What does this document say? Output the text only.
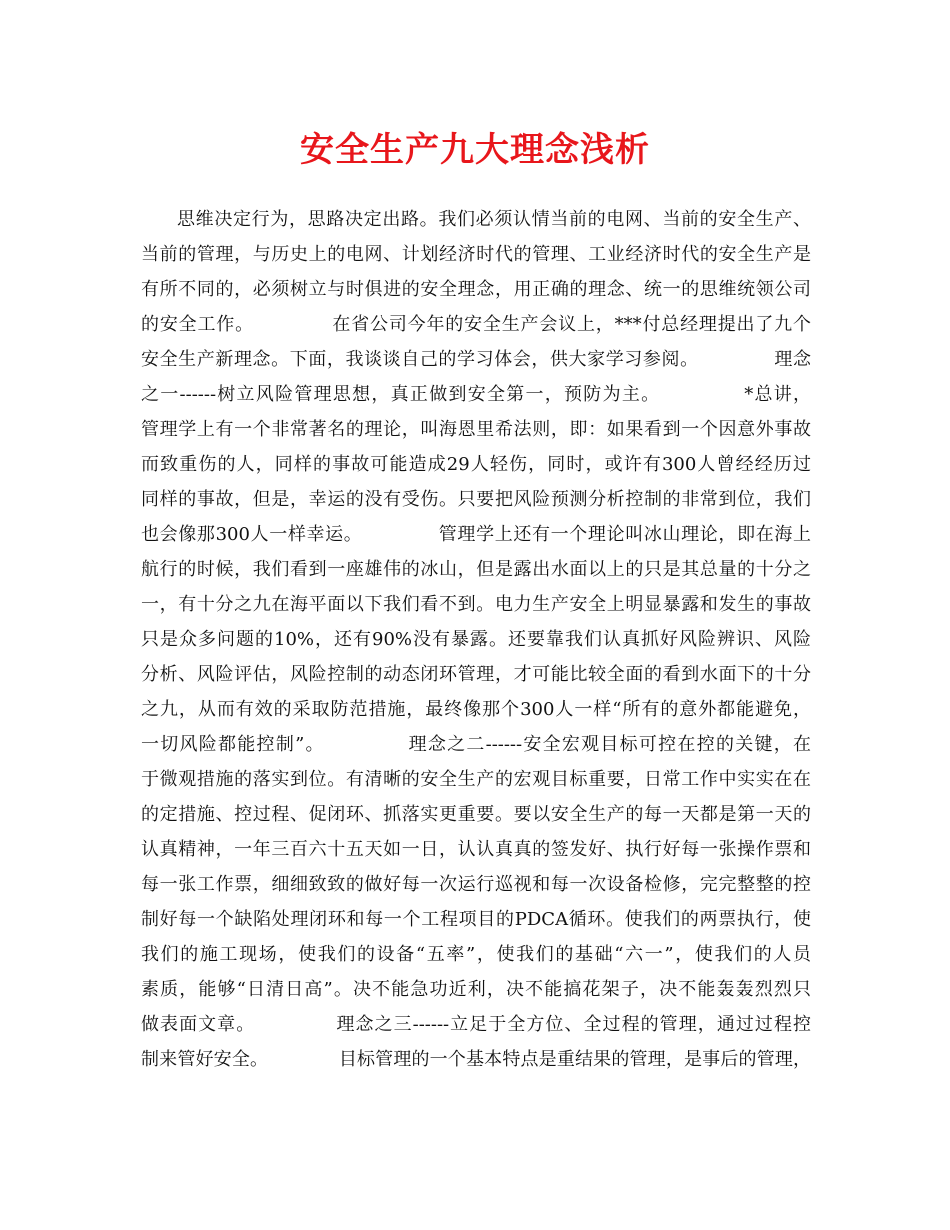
安全生产九大理念浅析
思维决定行为，思路决定出路。我们必须认情当前的电网、当前的安全生产、
当前的管理，与历史上的电网、计划经济时代的管理、工业经济时代的安全生产是
有所不同的，必须树立与时俱进的安全理念，用正确的理念、统一的思维统领公司
的安全工作。            在省公司今年的安全生产会议上，***付总经理提出了九个
安全生产新理念。下面，我谈谈自己的学习体会，供大家学习参阅。            理念
之一------树立风险管理思想，真正做到安全第一，预防为主。            *总讲，
管理学上有一个非常著名的理论，叫海恩里希法则，即：如果看到一个因意外事故
而致重伤的人，同样的事故可能造成29人轻伤，同时，或许有300人曾经经历过
同样的事故，但是，幸运的没有受伤。只要把风险预测分析控制的非常到位，我们
也会像那300人一样幸运。            管理学上还有一个理论叫冰山理论，即在海上
航行的时候，我们看到一座雄伟的冰山，但是露出水面以上的只是其总量的十分之
一，有十分之九在海平面以下我们看不到。电力生产安全上明显暴露和发生的事故
只是众多问题的10%，还有90%没有暴露。还要靠我们认真抓好风险辨识、风险
分析、风险评估，风险控制的动态闭环管理，才可能比较全面的看到水面下的十分
之九，从而有效的采取防范措施，最终像那个300人一样“所有的意外都能避免，
一切风险都能控制”。            理念之二------安全宏观目标可控在控的关键，在
于微观措施的落实到位。有清晰的安全生产的宏观目标重要，日常工作中实实在在
的定措施、控过程、促闭环、抓落实更重要。要以安全生产的每一天都是第一天的
认真精神，一年三百六十五天如一日，认认真真的签发好、执行好每一张操作票和
每一张工作票，细细致致的做好每一次运行巡视和每一次设备检修，完完整整的控
制好每一个缺陷处理闭环和每一个工程项目的PDCA循环。使我们的两票执行，使
我们的施工现场，使我们的设备“五率”，使我们的基础“六一”，使我们的人员
素质，能够“日清日高”。决不能急功近利，决不能搞花架子，决不能轰轰烈烈只
做表面文章。            理念之三------立足于全方位、全过程的管理，通过过程控
制来管好安全。            目标管理的一个基本特点是重结果的管理，是事后的管理，
